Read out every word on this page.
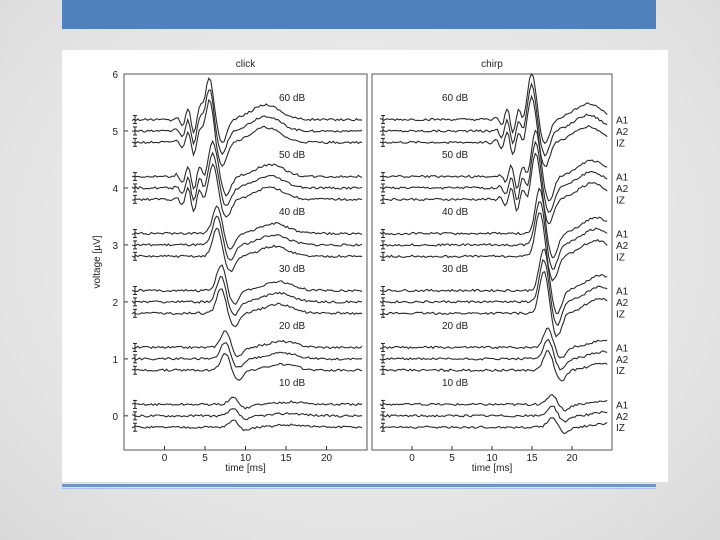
voltage [µV]
0
1
2
3
4
5
6
click
0	5	10	15	20
time [ms]
60 dB
50 dB
40 dB
30 dB
20 dB
10 dB
chirp
0	5	10	15	20
time [ms]
60 dB
A1
A2
IZ
50 dB
A1
A2
IZ
40 dB
A1
A2
IZ
30 dB
A1
A2
IZ
20 dB
A1
A2
IZ
10 dB
A1
A2
IZ
